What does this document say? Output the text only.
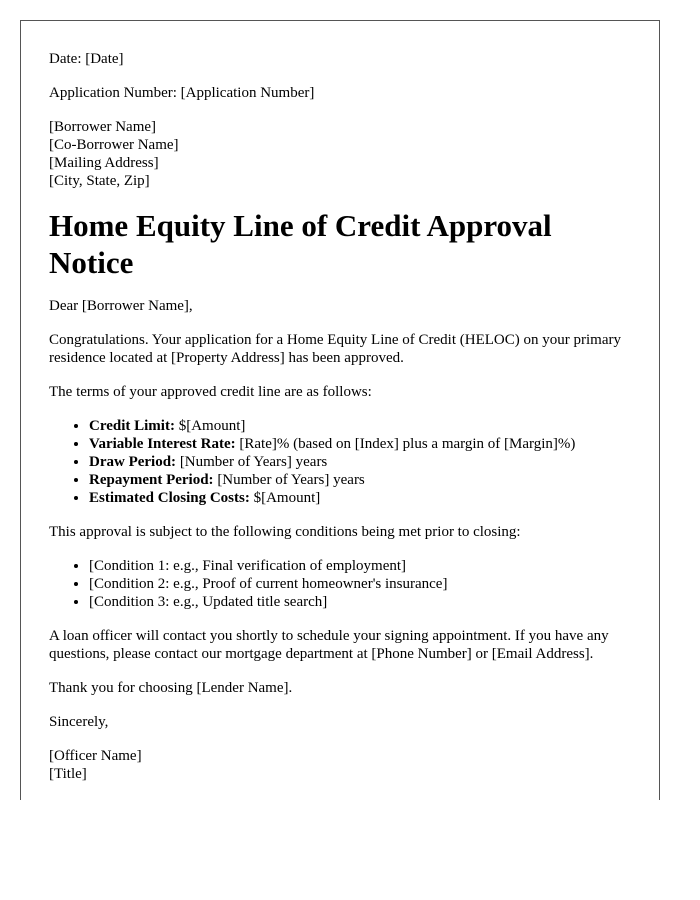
Date: [Date]

Application Number: [Application Number]

[Borrower Name]
[Co-Borrower Name]
[Mailing Address]
[City, State, Zip]
Home Equity Line of Credit Approval Notice

Dear [Borrower Name],

Congratulations. Your application for a Home Equity Line of Credit (HELOC) on your primary residence located at [Property Address] has been approved.

The terms of your approved credit line are as follows:

• Credit Limit: $[Amount]
• Variable Interest Rate: [Rate]% (based on [Index] plus a margin of [Margin]%)
• Draw Period: [Number of Years] years
• Repayment Period: [Number of Years] years
• Estimated Closing Costs: $[Amount]

This approval is subject to the following conditions being met prior to closing:

• [Condition 1: e.g., Final verification of employment]
• [Condition 2: e.g., Proof of current homeowner's insurance]
• [Condition 3: e.g., Updated title search]

A loan officer will contact you shortly to schedule your signing appointment. If you have any questions, please contact our mortgage department at [Phone Number] or [Email Address].

Thank you for choosing [Lender Name].

Sincerely,

[Officer Name]
[Title]
